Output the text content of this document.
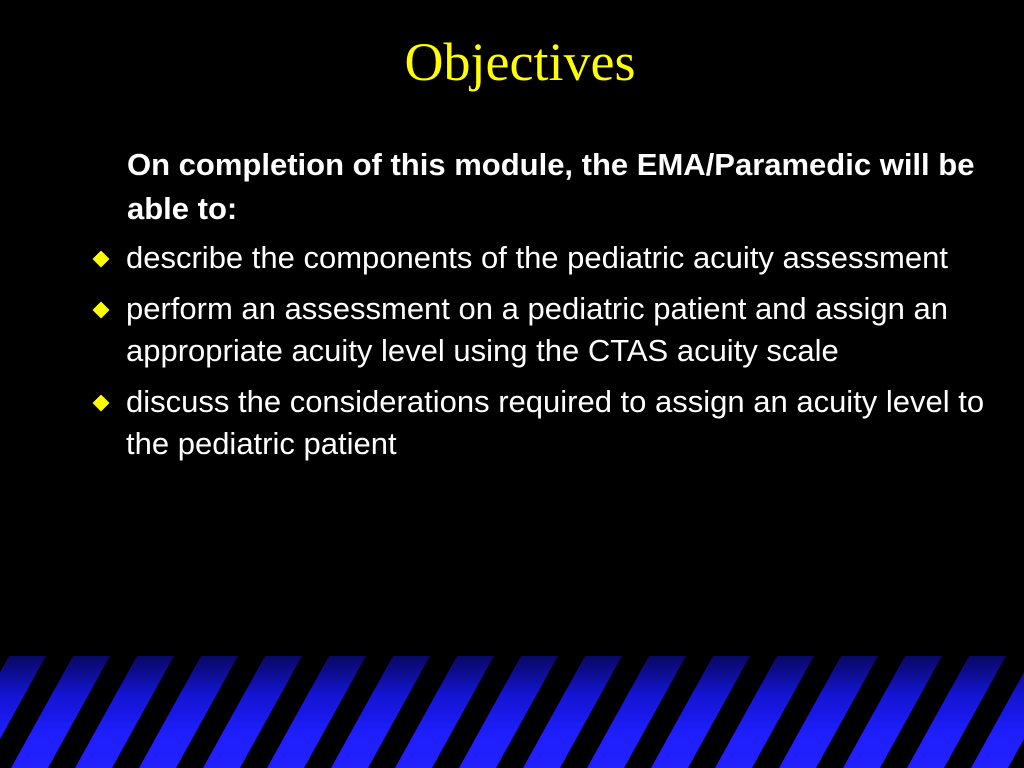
Objectives
On completion of this module, the EMA/Paramedic will be able to:
describe the components of the pediatric acuity assessment
perform an assessment on a pediatric patient and assign an appropriate acuity level using the CTAS acuity scale
discuss the considerations required to assign an acuity level to the pediatric patient
